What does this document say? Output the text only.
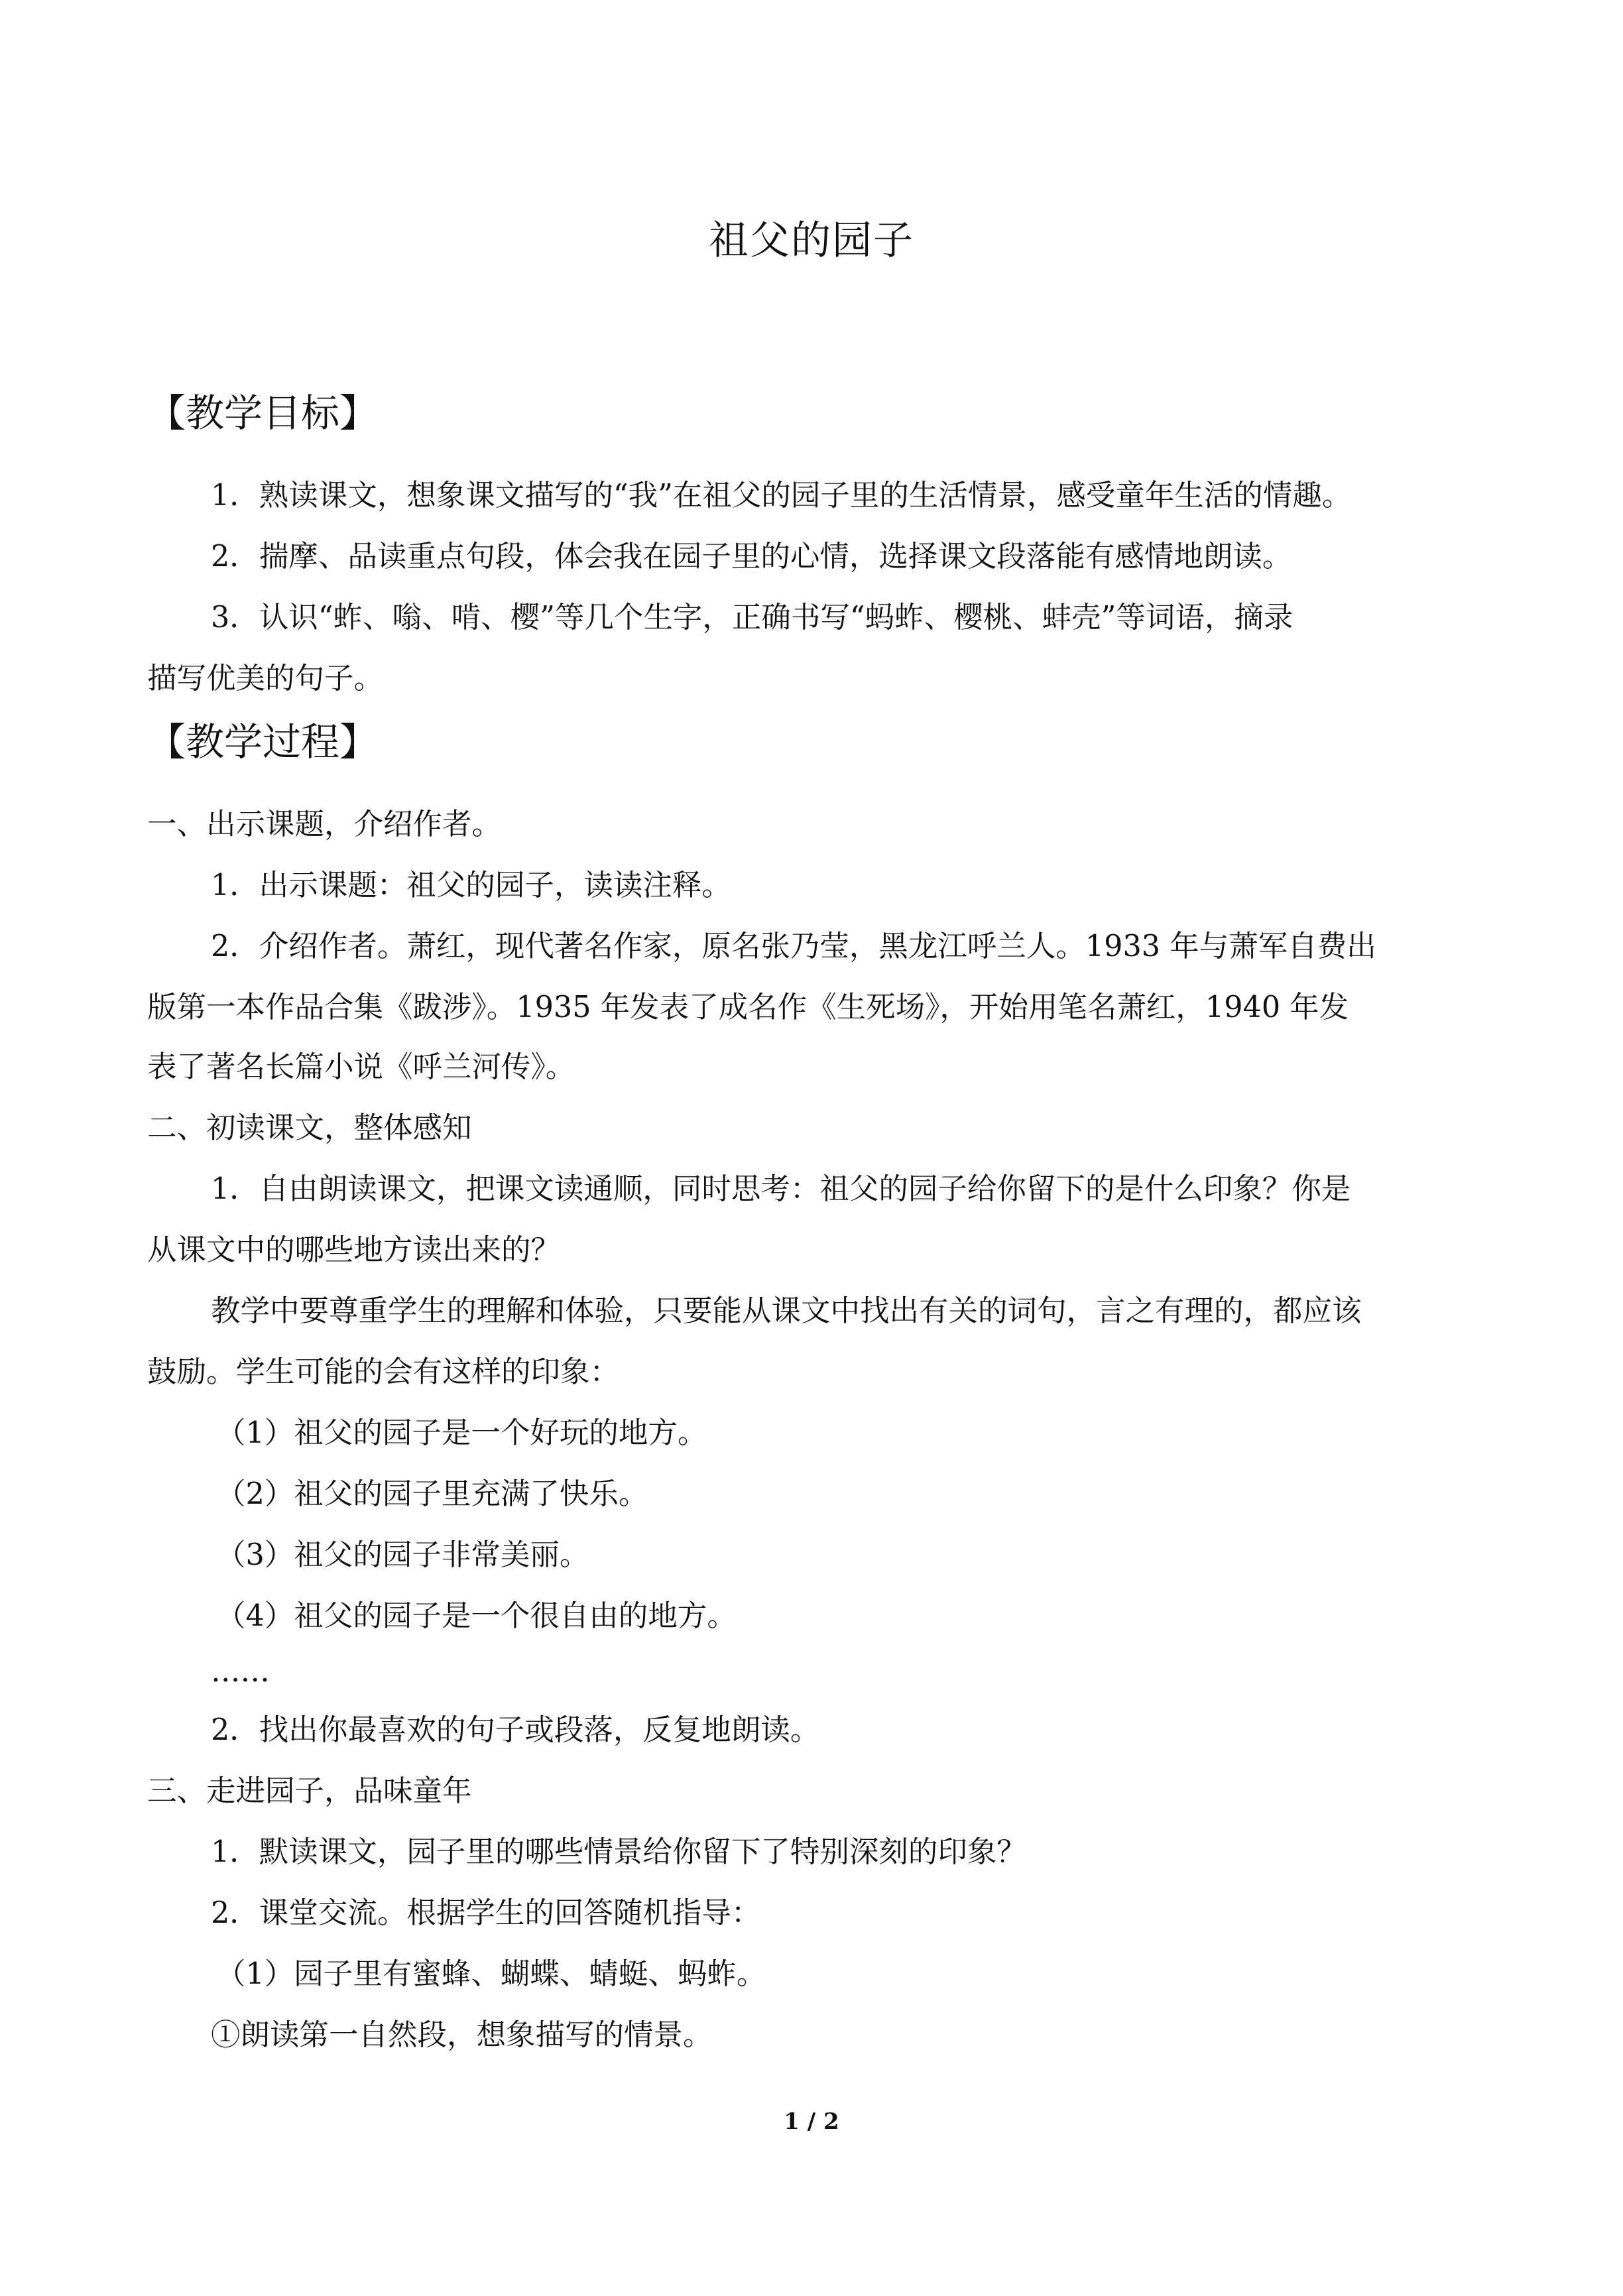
祖父的园子
【教学目标】
1．熟读课文，想象课文描写的“我”在祖父的园子里的生活情景，感受童年生活的情趣。
2．揣摩、品读重点句段，体会我在园子里的心情，选择课文段落能有感情地朗读。
3．认识“蚱、嗡、啃、樱”等几个生字，正确书写“蚂蚱、樱桃、蚌壳”等词语，摘录
描写优美的句子。
【教学过程】
一、出示课题，介绍作者。
1．出示课题：祖父的园子，读读注释。
2．介绍作者。萧红，现代著名作家，原名张乃莹，黑龙江呼兰人。1933 年与萧军自费出
版第一本作品合集《跋涉》。1935 年发表了成名作《生死场》，开始用笔名萧红，1940 年发
表了著名长篇小说《呼兰河传》。
二、初读课文，整体感知
1．自由朗读课文，把课文读通顺，同时思考：祖父的园子给你留下的是什么印象？你是
从课文中的哪些地方读出来的？
教学中要尊重学生的理解和体验，只要能从课文中找出有关的词句，言之有理的，都应该
鼓励。学生可能的会有这样的印象：
（1）祖父的园子是一个好玩的地方。
（2）祖父的园子里充满了快乐。
（3）祖父的园子非常美丽。
（4）祖父的园子是一个很自由的地方。
……
2．找出你最喜欢的句子或段落，反复地朗读。
三、走进园子，品味童年
1．默读课文，园子里的哪些情景给你留下了特别深刻的印象？
2．课堂交流。根据学生的回答随机指导：
（1）园子里有蜜蜂、蝴蝶、蜻蜓、蚂蚱。
①朗读第一自然段，想象描写的情景。
1 / 2
